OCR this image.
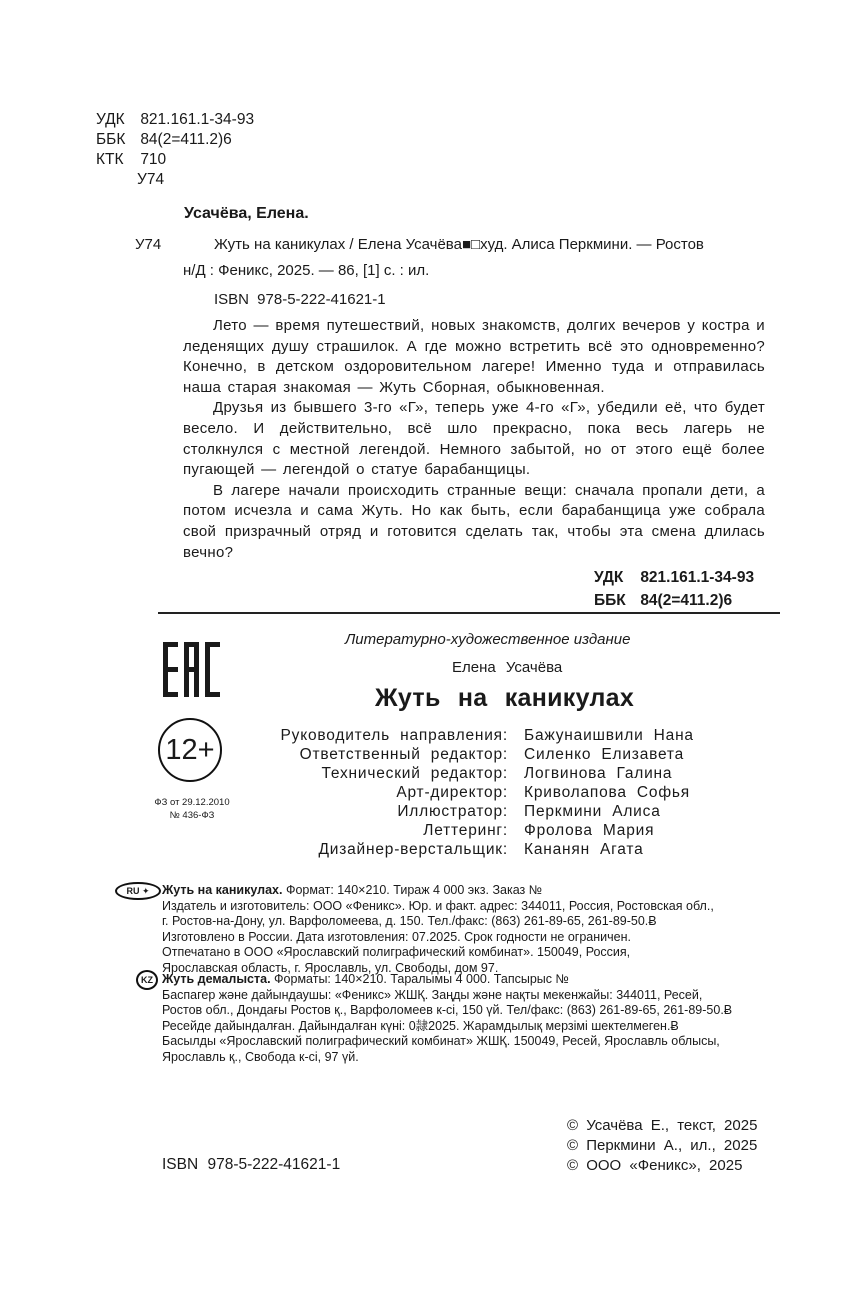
УДК 821.161.1-34-93
ББК 84(2=411.2)6
КТК 710
У74
Усачёва, Елена.
У74	Жуть на каникулах / Елена Усачёва■□худ. Алиса Перкмини. — Ростов
н/Д : Феникс, 2025. — 86, [1] с. : ил.
ISBN 978-5-222-41621-1

Лето — время путешествий, новых знакомств, долгих вечеров у костра и леденящих душу страшилок. А где можно встретить всё это одновременно? Конечно, в детском оздоровительном лагере! Именно туда и отправилась наша старая знакомая — Жуть Сборная, обыкновенная.

Друзья из бывшего 3-го «Г», теперь уже 4-го «Г», убедили её, что будет весело. И действительно, всё шло прекрасно, пока весь лагерь не столкнулся с местной легендой. Немного забытой, но от этого ещё более пугающей — легендой о статуе барабанщицы.

В лагере начали происходить странные вещи: сначала пропали дети, а потом исчезла и сама Жуть. Но как быть, если барабанщица уже собрала свой призрачный отряд и готовится сделать так, чтобы эта смена длилась вечно?

УДК 821.161.1-34-93
ББК 84(2=411.2)6
Литературно-художественное издание
Елена Усачёва
Жуть на каникулах
12+
ФЗ от 29.12.2010
№ 436-ФЗ
Руководитель направления: Бажунаишвили Нана
Ответственный редактор: Силенко Елизавета
Технический редактор: Логвинова Галина
Арт-директор: Криволапова Софья
Иллюстратор: Перкмини Алиса
Леттеринг: Фролова Мария
Дизайнер-верстальщик: Кананян Агата
RU ✦ Жуть на каникулах. Формат: 140×210. Тираж 4 000 экз. Заказ №
Издатель и изготовитель: ООО «Феникс». Юр. и факт. адрес: 344011, Россия, Ростовская обл.,
г. Ростов-на-Дону, ул. Варфоломеева, д. 150. Тел./факс: (863) 261-89-65, 261-89-50.Ƀ
Изготовлено в России. Дата изготовления: 07.2025. Срок годности не ограничен.
Отпечатано в ООО «Ярославский полиграфический комбинат». 150049, Россия,
Ярославская область, г. Ярославль, ул. Свободы, дом 97.
KZ Жуть демалыста. Форматы: 140×210. Таралымы 4 000. Тапсырыс №
Баспагер және дайындаушы: «Феникс» ЖШҚ. Заңды және нақты мекенжайы: 344011, Ресей,
Ростов обл., Дондағы Ростов қ., Варфоломеев к-сі, 150 үй. Тел/факс: (863) 261-89-65, 261-89-50.Ƀ
Ресейде дайындалған. Дайындалған күні: 0隷2025. Жарамдылық мерзімі шектелмеген.Ƀ
Басылды «Ярославский полиграфический комбинат» ЖШҚ. 150049, Ресей, Ярославль облысы,
Ярославль қ., Свобода к-сі, 97 үй.
© Усачёва Е., текст, 2025
© Перкмини А., ил., 2025
© ООО «Феникс», 2025
ISBN 978-5-222-41621-1
